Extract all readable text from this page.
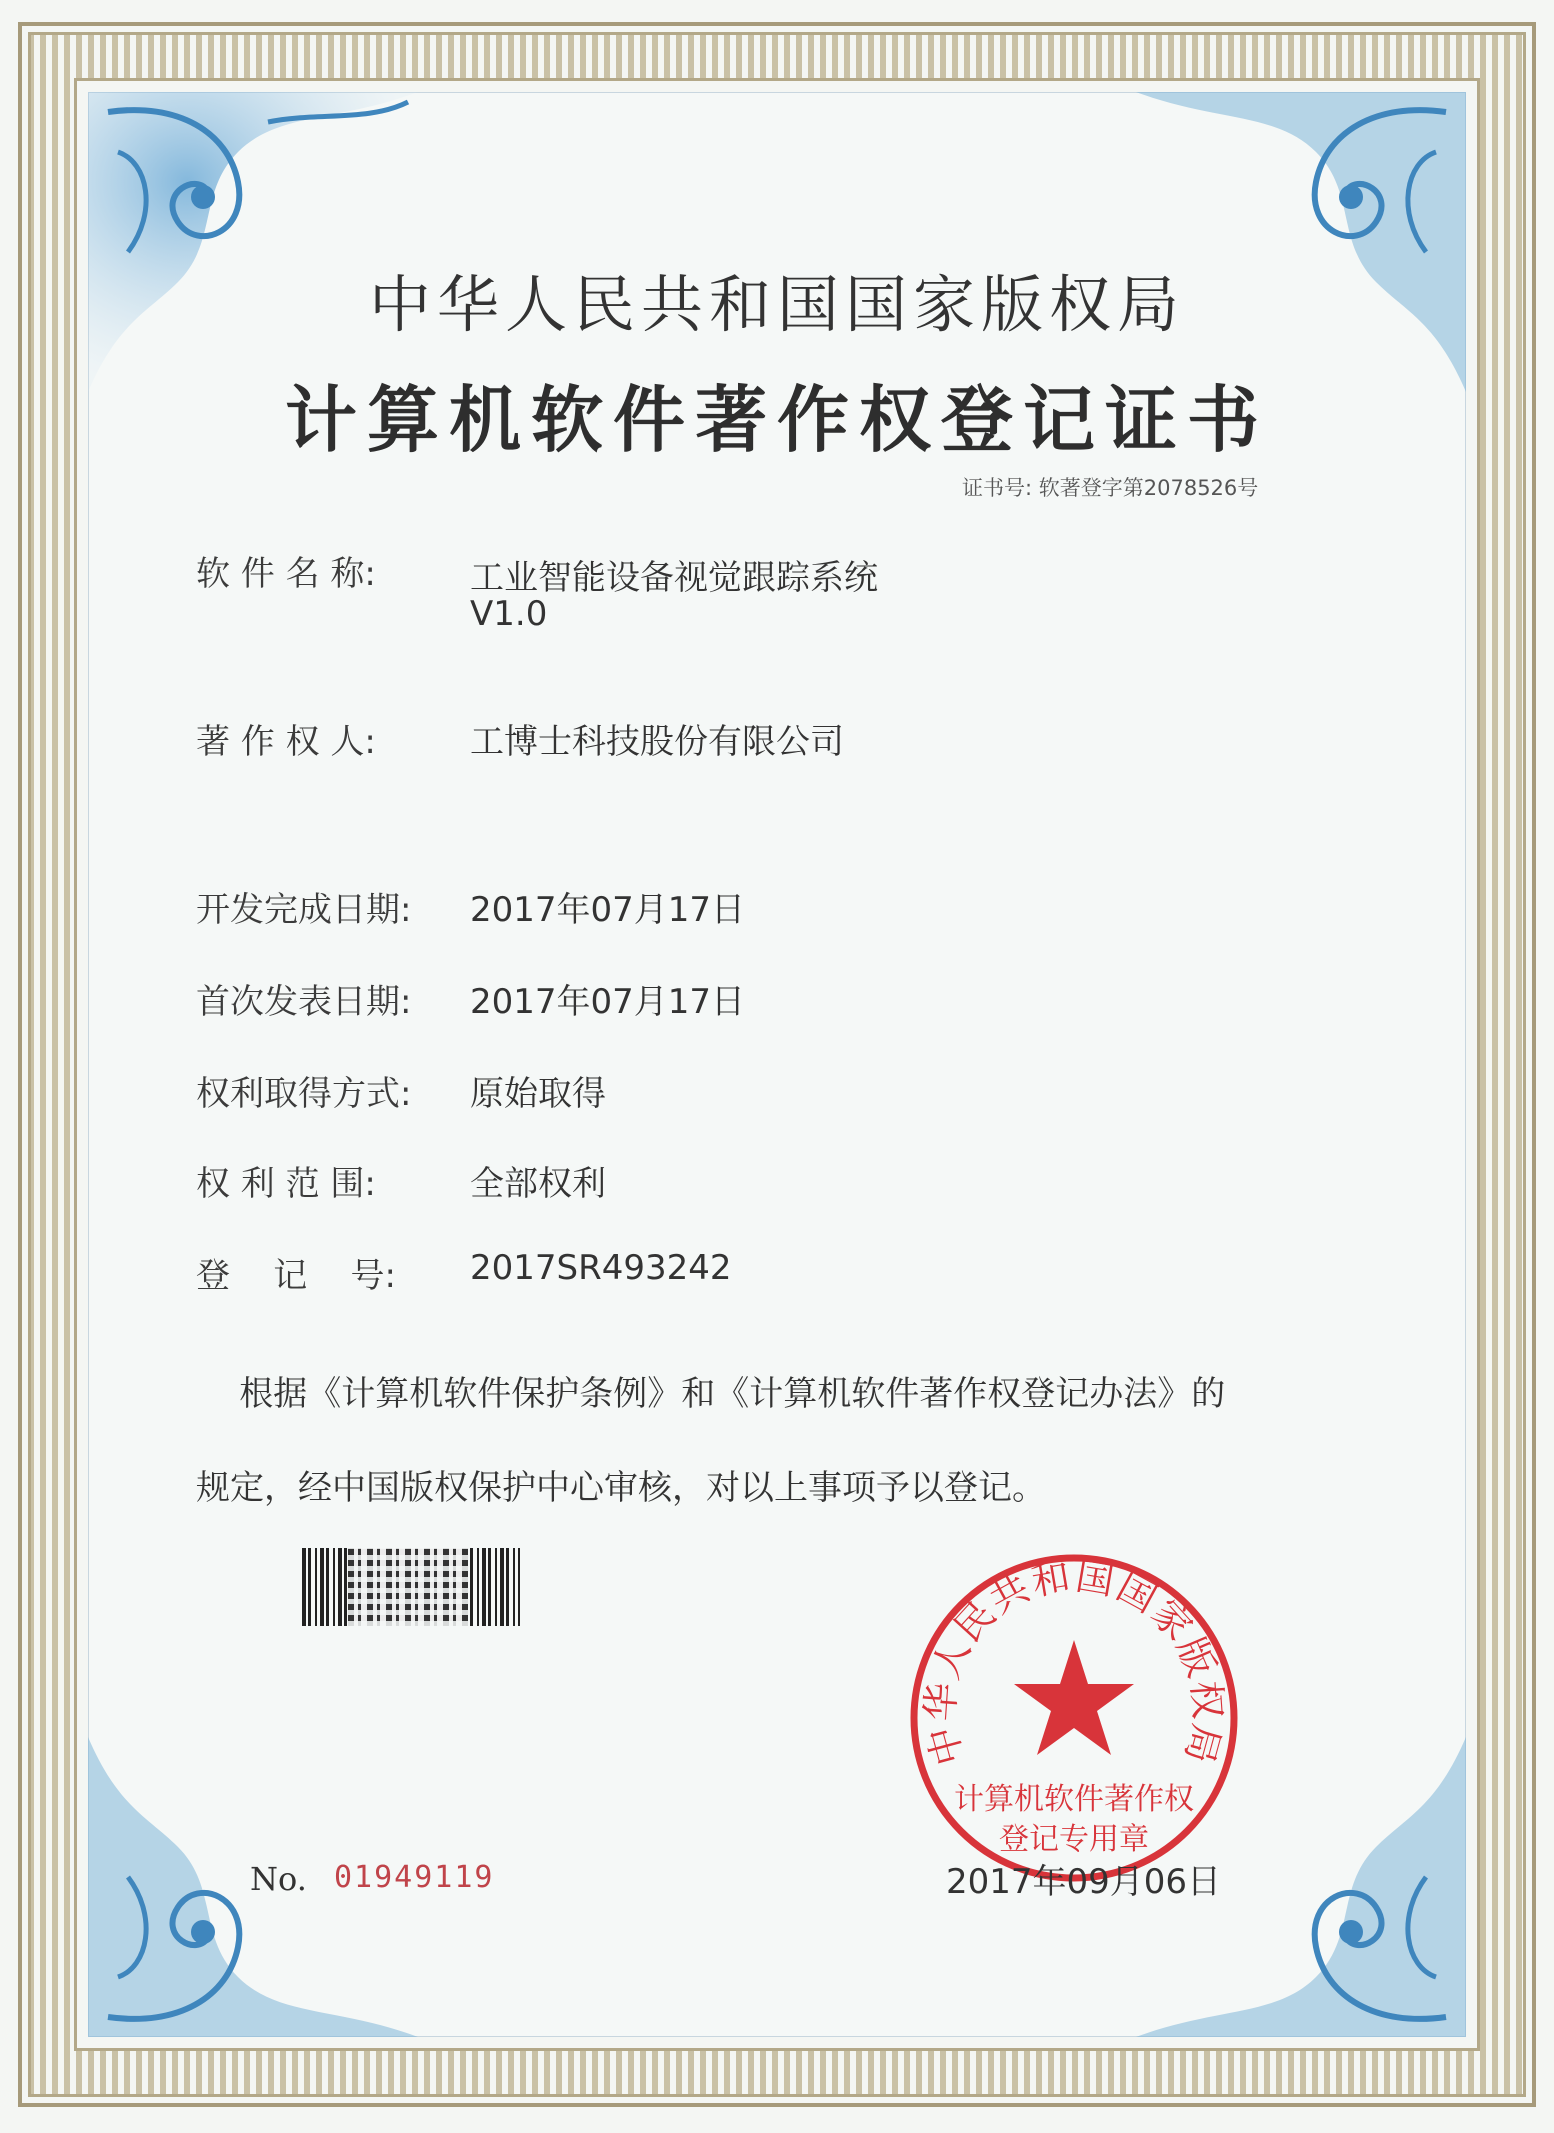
中华人民共和国国家版权局
计算机软件著作权登记证书
证书号: 软著登字第2078526号
软 件 名 称:	工业智能设备视觉跟踪系统
V1.0
著 作 权 人:	工博士科技股份有限公司
开发完成日期: 2017年07月17日
首次发表日期: 2017年07月17日
权利取得方式: 原始取得
权 利 范 围:	全部权利
登    记    号: 2017SR493242
根据《计算机软件保护条例》和《计算机软件著作权登记办法》的
规定，经中国版权保护中心审核，对以上事项予以登记。
中华人民共和国国家版权局
计算机软件著作权
登记专用章
No. 01949119	2017年09月06日
